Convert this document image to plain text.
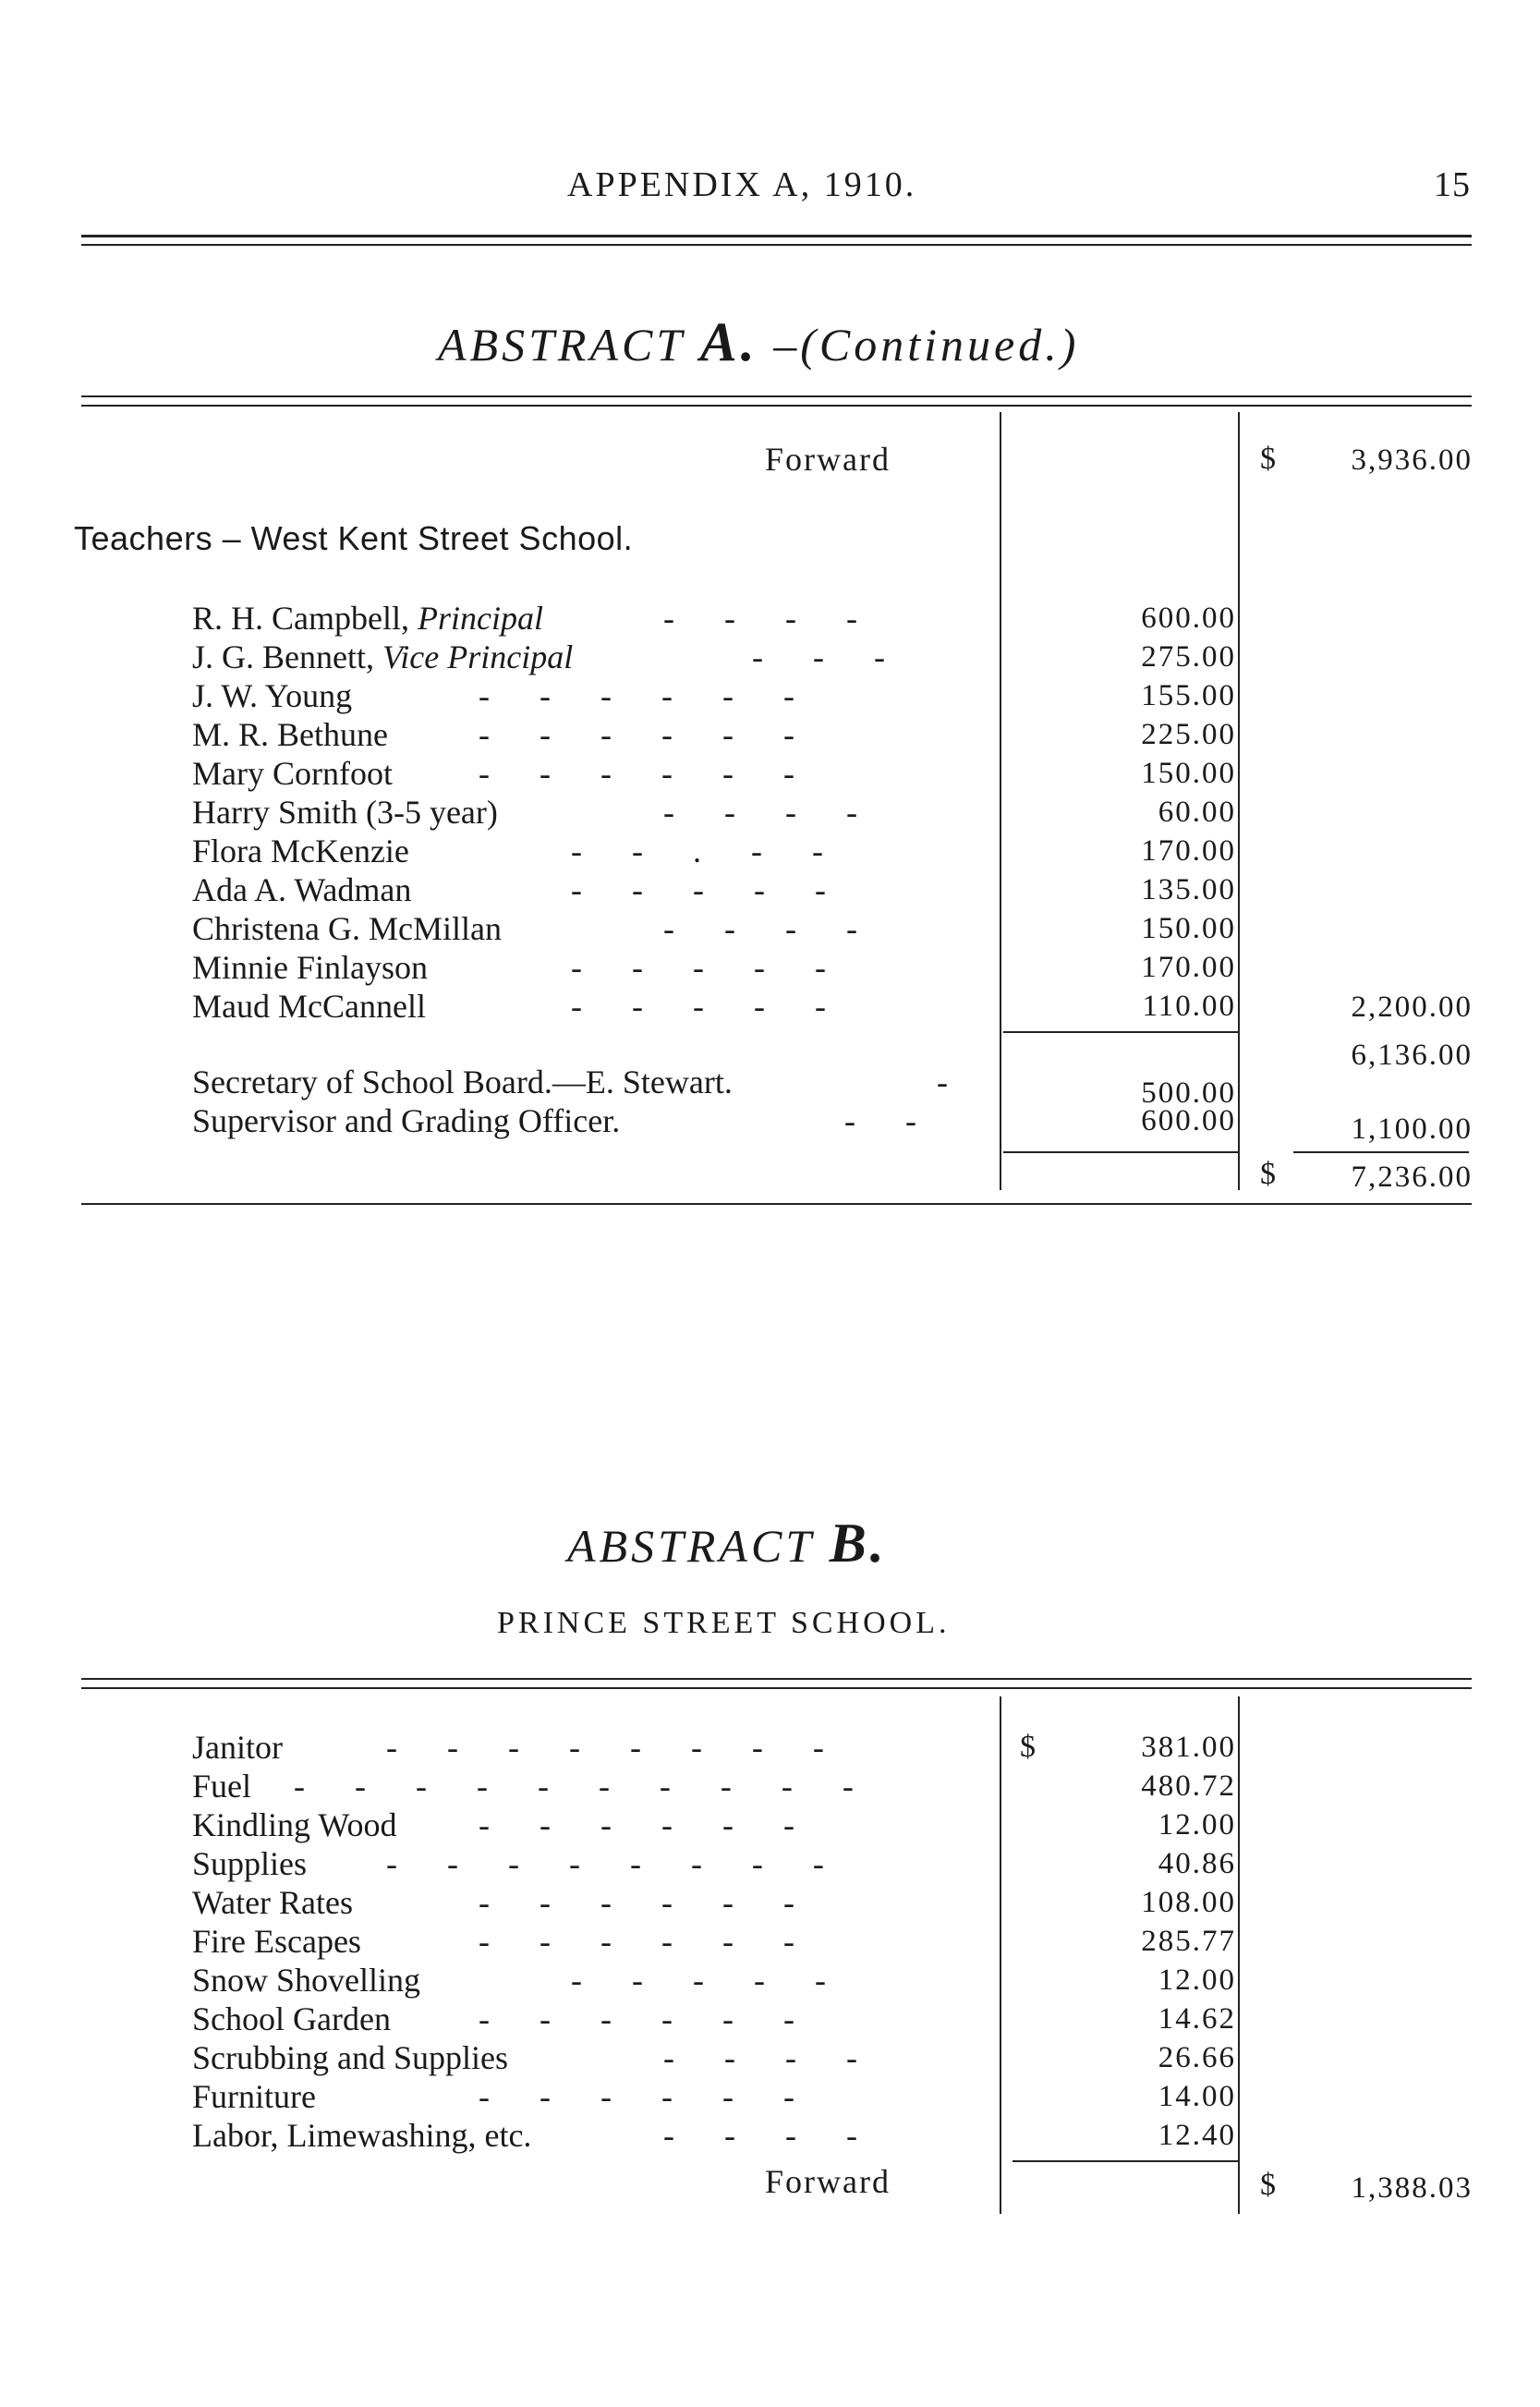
APPENDIX A, 1910.	15
ABSTRACT A. –(Continued.)
Forward	$ 3,936.00
Teachers – West Kent Street School.
R. H. Campbell, Principal	-      -      -      -	600.00
J. G. Bennett, Vice Principal	-      -      -	275.00
J. W. Young	-      -      -      -      -      -	155.00
M. R. Bethune	-      -      -      -      -      -	225.00
Mary Cornfoot	-      -      -      -      -      -	150.00
Harry Smith (3-5 year)	-      -      -      -	60.00
Flora McKenzie	-      -      .      -      -	170.00
Ada A. Wadman	-      -      -      -      -	135.00
Christena G. McMillan	-      -      -      -	150.00
Minnie Finlayson	-      -      -      -      -	170.00
Maud McCannell	-      -      -      -      -	110.00	2,200.00
6,136.00
Secretary of School Board.—E. Stewart.	-	500.00
Supervisor and Grading Officer.	-      -	600.00	1,100.00
$ 7,236.00
ABSTRACT B.
PRINCE STREET SCHOOL.
$
Janitor	-      -      -      -      -      -      -      -	381.00
Fuel -      -      -      -      -      -      -      -      -      -	480.72
Kindling Wood -      -      -      -      -      -	12.00
Supplies -      -      -      -      -      -      -      -	40.86
Water Rates	-      -      -      -      -      -	108.00
Fire Escapes	-      -      -      -      -      -	285.77
Snow Shovelling	-      -      -      -      -	12.00
School Garden	-      -      -      -      -      -	14.62
Scrubbing and Supplies	-      -      -      -	26.66
Furniture	-      -      -      -      -      -	14.00
Labor, Limewashing, etc.	-      -      -      -	12.40
Forward	$ 1,388.03
